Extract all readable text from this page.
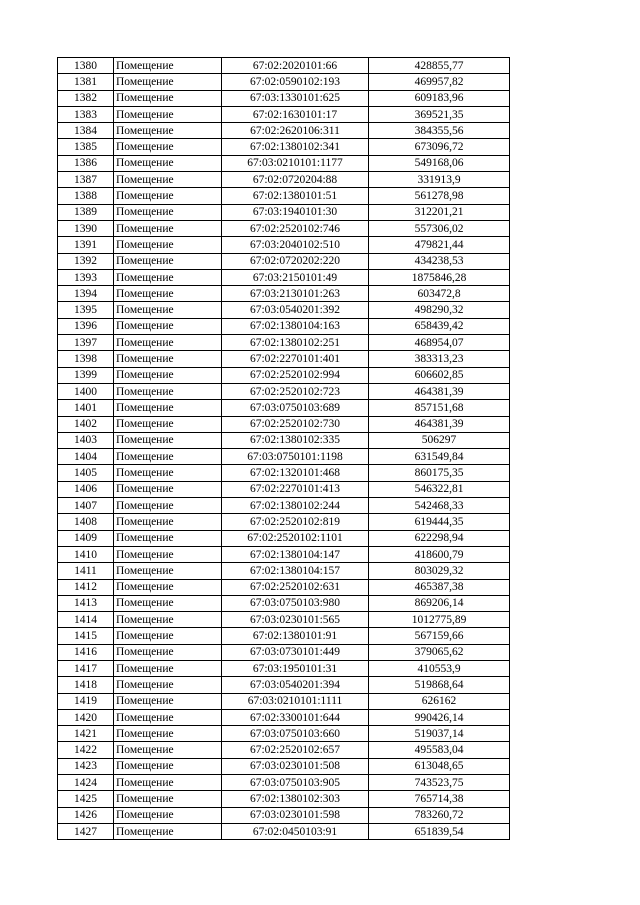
1380	Помещение	67:02:2020101:66	428855,77
1381	Помещение	67:02:0590102:193	469957,82
1382	Помещение	67:03:1330101:625	609183,96
1383	Помещение	67:02:1630101:17	369521,35
1384	Помещение	67:02:2620106:311	384355,56
1385	Помещение	67:02:1380102:341	673096,72
1386	Помещение	67:03:0210101:1177	549168,06
1387	Помещение	67:02:0720204:88	331913,9
1388	Помещение	67:02:1380101:51	561278,98
1389	Помещение	67:03:1940101:30	312201,21
1390	Помещение	67:02:2520102:746	557306,02
1391	Помещение	67:03:2040102:510	479821,44
1392	Помещение	67:02:0720202:220	434238,53
1393	Помещение	67:03:2150101:49	1875846,28
1394	Помещение	67:03:2130101:263	603472,8
1395	Помещение	67:03:0540201:392	498290,32
1396	Помещение	67:02:1380104:163	658439,42
1397	Помещение	67:02:1380102:251	468954,07
1398	Помещение	67:02:2270101:401	383313,23
1399	Помещение	67:02:2520102:994	606602,85
1400	Помещение	67:02:2520102:723	464381,39
1401	Помещение	67:03:0750103:689	857151,68
1402	Помещение	67:02:2520102:730	464381,39
1403	Помещение	67:02:1380102:335	506297
1404	Помещение	67:03:0750101:1198	631549,84
1405	Помещение	67:02:1320101:468	860175,35
1406	Помещение	67:02:2270101:413	546322,81
1407	Помещение	67:02:1380102:244	542468,33
1408	Помещение	67:02:2520102:819	619444,35
1409	Помещение	67:02:2520102:1101	622298,94
1410	Помещение	67:02:1380104:147	418600,79
1411	Помещение	67:02:1380104:157	803029,32
1412	Помещение	67:02:2520102:631	465387,38
1413	Помещение	67:03:0750103:980	869206,14
1414	Помещение	67:03:0230101:565	1012775,89
1415	Помещение	67:02:1380101:91	567159,66
1416	Помещение	67:03:0730101:449	379065,62
1417	Помещение	67:03:1950101:31	410553,9
1418	Помещение	67:03:0540201:394	519868,64
1419	Помещение	67:03:0210101:1111	626162
1420	Помещение	67:02:3300101:644	990426,14
1421	Помещение	67:03:0750103:660	519037,14
1422	Помещение	67:02:2520102:657	495583,04
1423	Помещение	67:03:0230101:508	613048,65
1424	Помещение	67:03:0750103:905	743523,75
1425	Помещение	67:02:1380102:303	765714,38
1426	Помещение	67:03:0230101:598	783260,72
1427	Помещение	67:02:0450103:91	651839,54
